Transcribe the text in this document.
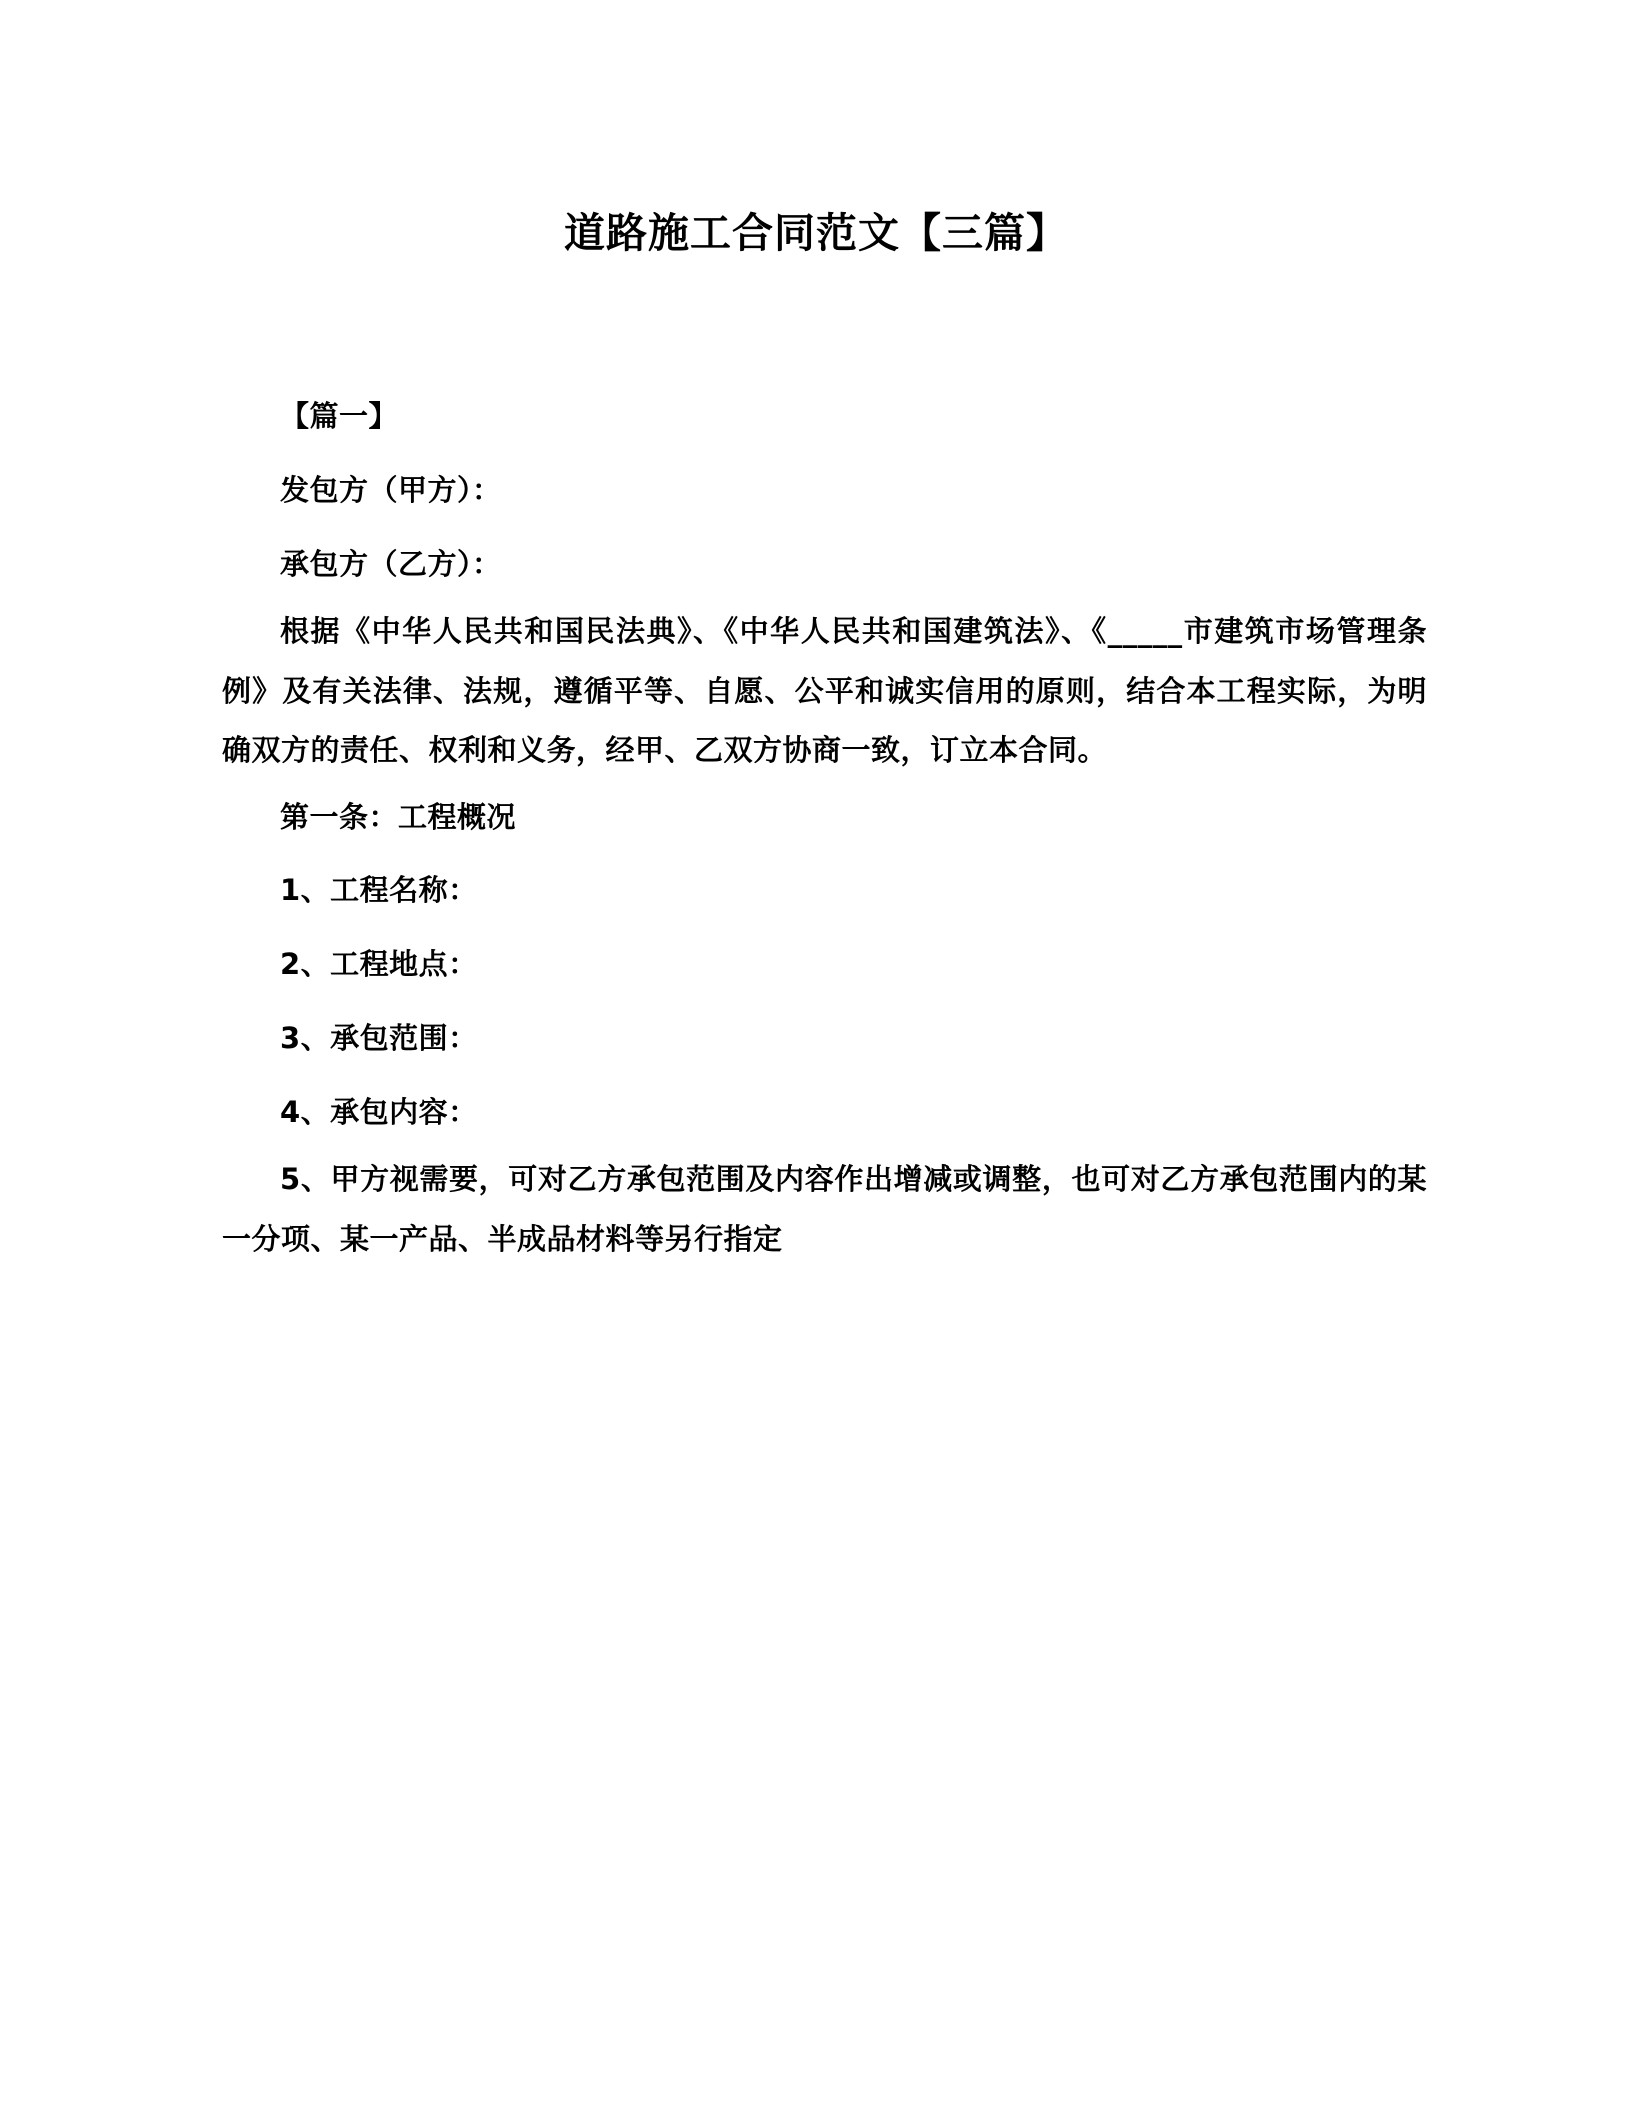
道路施工合同范文【三篇】

【篇一】

发包方（甲方）：

承包方（乙方）：

根据《中华人民共和国民法典》、《中华人民共和国建筑法》、《_____市建筑市场管理条例》及有关法律、法规，遵循平等、自愿、公平和诚实信用的原则，结合本工程实际，为明确双方的责任、权利和义务，经甲、乙双方协商一致，订立本合同。

第一条：工程概况

1、工程名称：

2、工程地点：

3、承包范围：

4、承包内容：

5、甲方视需要，可对乙方承包范围及内容作出增减或调整，也可对乙方承包范围内的某一分项、某一产品、半成品材料等另行指定
